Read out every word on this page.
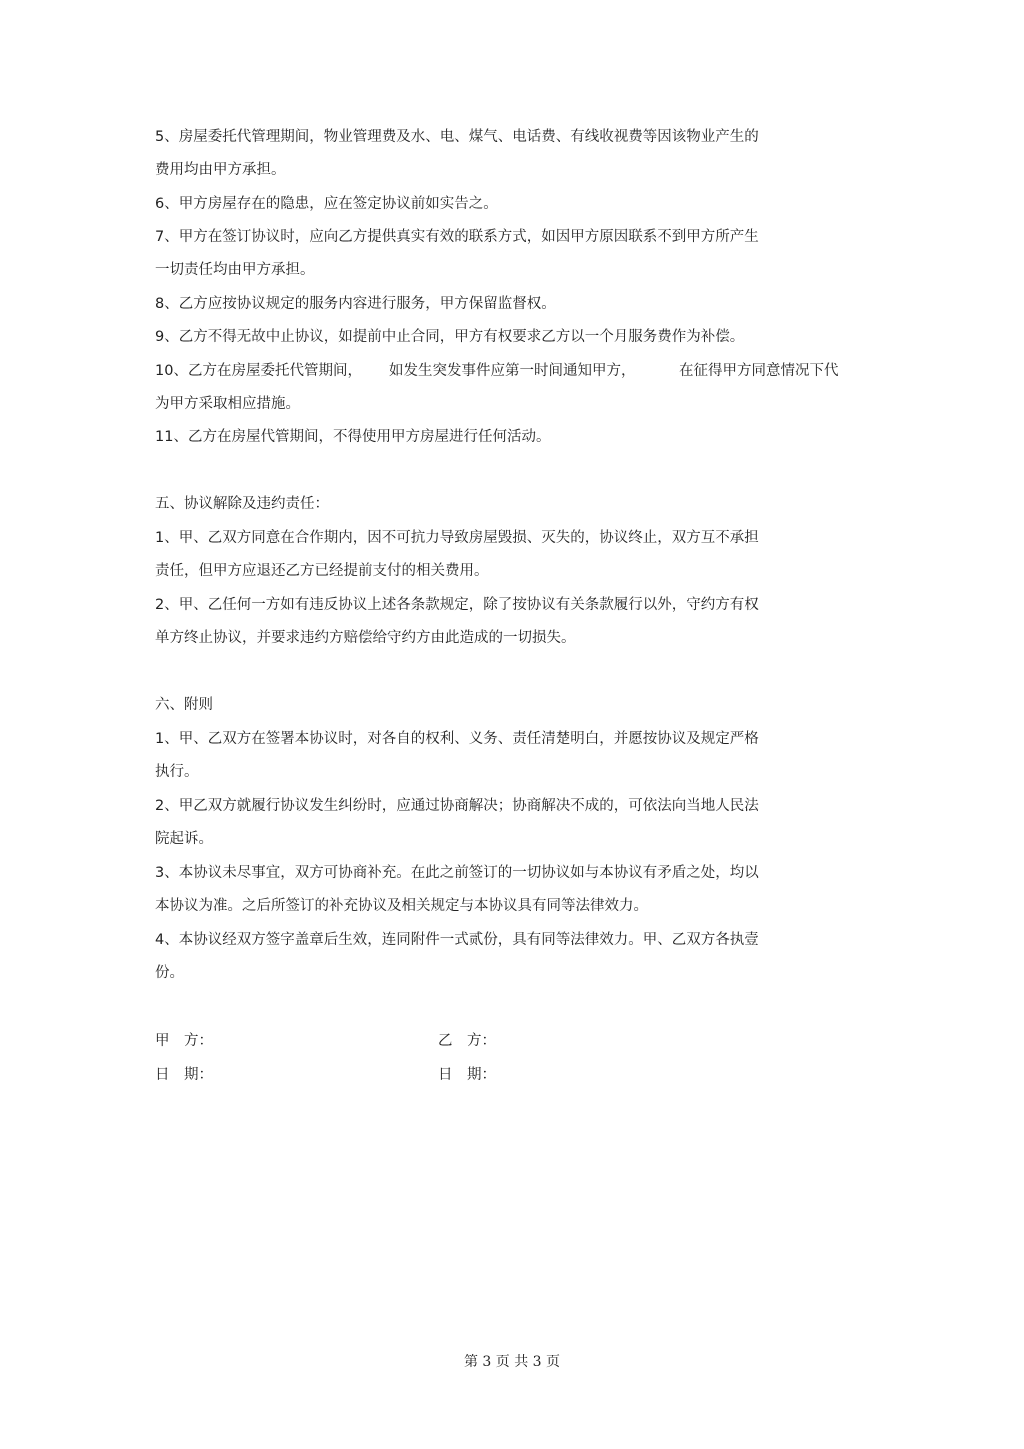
5、房屋委托代管理期间，物业管理费及水、电、煤气、电话费、有线收视费等因该物业产生的

费用均由甲方承担。

6、甲方房屋存在的隐患，应在签定协议前如实告之。

7、甲方在签订协议时，应向乙方提供真实有效的联系方式，如因甲方原因联系不到甲方所产生

一切责任均由甲方承担。

8、乙方应按协议规定的服务内容进行服务，甲方保留监督权。

9、乙方不得无故中止协议，如提前中止合同，甲方有权要求乙方以一个月服务费作为补偿。

10、乙方在房屋委托代管期间， 如发生突发事件应第一时间通知甲方，	在征得甲方同意情况下代

为甲方采取相应措施。

11、乙方在房屋代管期间，不得使用甲方房屋进行任何活动。

五、协议解除及违约责任：

1、甲、乙双方同意在合作期内，因不可抗力导致房屋毁损、灭失的，协议终止，双方互不承担

责任，但甲方应退还乙方已经提前支付的相关费用。

2、甲、乙任何一方如有违反协议上述各条款规定，除了按协议有关条款履行以外，守约方有权

单方终止协议，并要求违约方赔偿给守约方由此造成的一切损失。

六、附则

1、甲、乙双方在签署本协议时，对各自的权利、义务、责任清楚明白，并愿按协议及规定严格

执行。

2、甲乙双方就履行协议发生纠纷时，应通过协商解决；协商解决不成的，可依法向当地人民法

院起诉。

3、本协议未尽事宜，双方可协商补充。在此之前签订的一切协议如与本协议有矛盾之处，均以

本协议为准。之后所签订的补充协议及相关规定与本协议具有同等法律效力。

4、本协议经双方签字盖章后生效，连同附件一式贰份，具有同等法律效力。甲、乙双方各执壹

份。

甲　方：	乙　方：
日　期：	日　期：
第 3 页 共 3 页
